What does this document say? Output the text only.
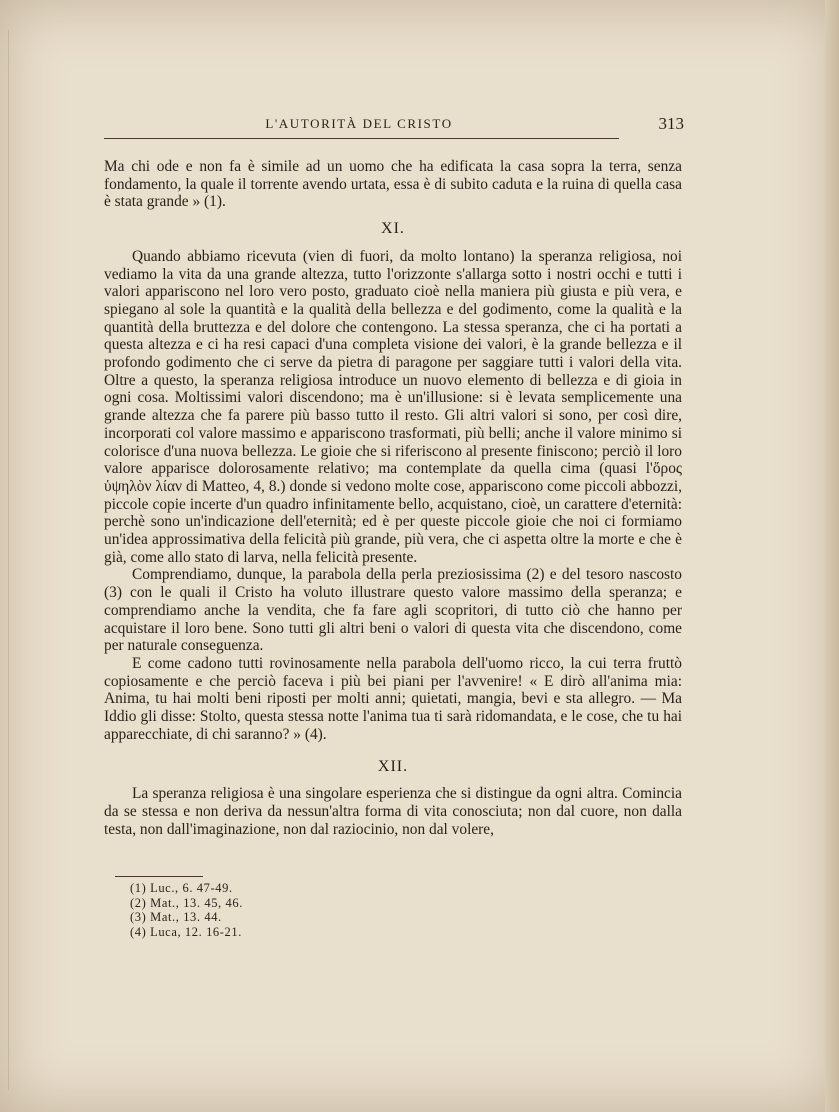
L'AUTORITÀ DEL CRISTO	313

Ma chi ode e non fa è simile ad un uomo che ha edificata la casa sopra la terra, senza fondamento, la quale il torrente avendo urtata, essa è di subito caduta e la ruina di quella casa è stata grande » (1).

XI.

Quando abbiamo ricevuta (vien di fuori, da molto lontano) la speranza religiosa, noi vediamo la vita da una grande altezza, tutto l'orizzonte s'allarga sotto i nostri occhi e tutti i valori appariscono nel loro vero posto, graduato cioè nella maniera più giusta e più vera, e spiegano al sole la quantità e la qualità della bellezza e del godimento, come la qualità e la quantità della bruttezza e del dolore che contengono. La stessa speranza, che ci ha portati a questa altezza e ci ha resi capaci d'una completa visione dei valori, è la grande bellezza e il profondo godimento che ci serve da pietra di paragone per saggiare tutti i valori della vita. Oltre a questo, la speranza religiosa introduce un nuovo elemento di bellezza e di gioia in ogni cosa. Moltissimi valori discendono; ma è un'illusione: si è levata semplicemente una grande altezza che fa parere più basso tutto il resto. Gli altri valori si sono, per così dire, incorporati col valore massimo e appariscono trasformati, più belli; anche il valore minimo si colorisce d'una nuova bellezza. Le gioie che si riferiscono al presente finiscono; perciò il loro valore apparisce dolorosamente relativo; ma contemplate da quella cima (quasi l'ὄρος ὑψηλὸν λίαν di Matteo, 4, 8.) donde si vedono molte cose, appariscono come piccoli abbozzi, piccole copie incerte d'un quadro infinitamente bello, acquistano, cioè, un carattere d'eternità: perchè sono un'indicazione dell'eternità; ed è per queste piccole gioie che noi ci formiamo un'idea approssimativa della felicità più grande, più vera, che ci aspetta oltre la morte e che è già, come allo stato di larva, nella felicità presente.

Comprendiamo, dunque, la parabola della perla preziosissima (2) e del tesoro nascosto (3) con le quali il Cristo ha voluto illustrare questo valore massimo della speranza; e comprendiamo anche la vendita, che fa fare agli scopritori, di tutto ciò che hanno per acquistare il loro bene. Sono tutti gli altri beni o valori di questa vita che discendono, come per naturale conseguenza.

E come cadono tutti rovinosamente nella parabola dell'uomo ricco, la cui terra fruttò copiosamente e che perciò faceva i più bei piani per l'avvenire! « E dirò all'anima mia: Anima, tu hai molti beni riposti per molti anni; quietati, mangia, bevi e sta allegro. — Ma Iddio gli disse: Stolto, questa stessa notte l'anima tua ti sarà ridomandata, e le cose, che tu hai apparecchiate, di chi saranno? » (4).

XII.

La speranza religiosa è una singolare esperienza che si distingue da ogni altra. Comincia da se stessa e non deriva da nessun'altra forma di vita conosciuta; non dal cuore, non dalla testa, non dall'imaginazione, non dal raziocinio, non dal volere,

(1) Luc., 6. 47-49.
(2) Mat., 13. 45, 46.
(3) Mat., 13. 44.
(4) Luca, 12. 16-21.
